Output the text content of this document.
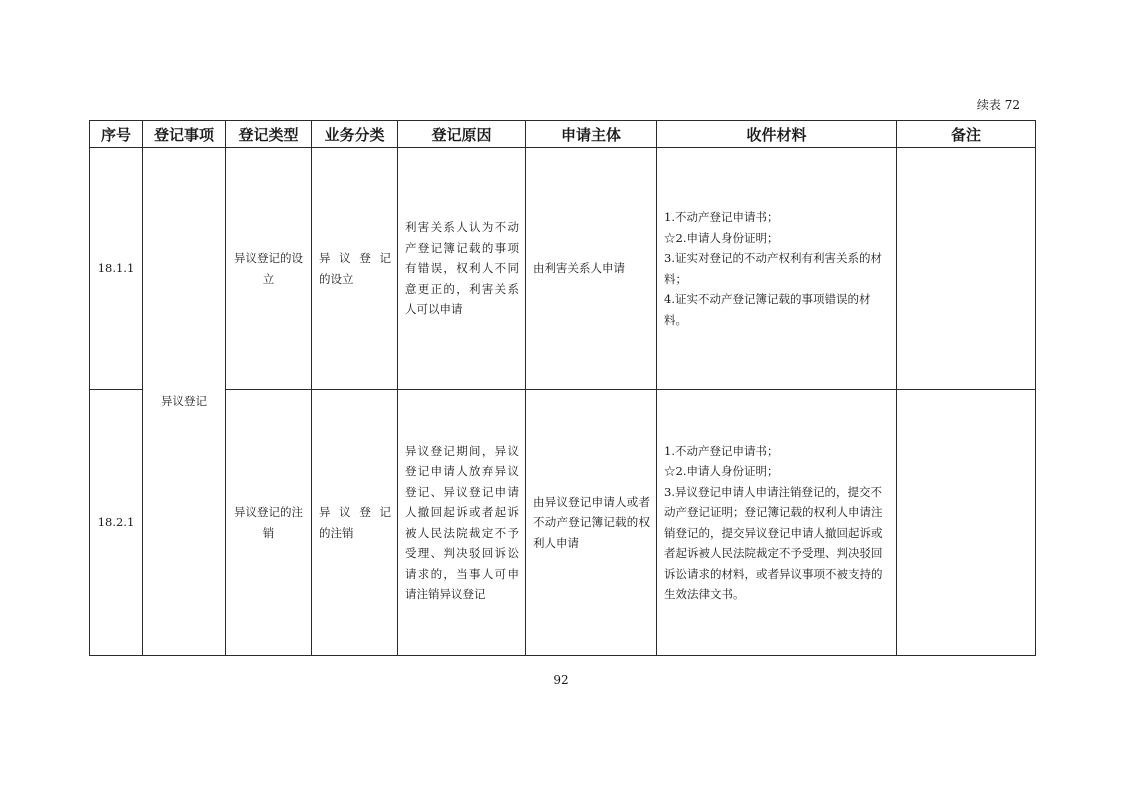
续表 72
序号	登记事项	登记类型	业务分类	登记原因	申请主体	收件材料	备注
18.1.1	异议登记	异议登记的设立	异 议 登 记 的设立	利害关系人认为不动产登记簿记载的事项有错误，权利人不同意更正的，利害关系人可以申请	由利害关系人申请	1.不动产登记申请书；
☆2.申请人身份证明；
3.证实对登记的不动产权利有利害关系的材料；
4.证实不动产登记簿记载的事项错误的材料。	

18.2.1		异议登记的注销	异 议 登 记 的注销	异议登记期间，异议登记申请人放弃异议登记、异议登记申请人撤回起诉或者起诉被人民法院裁定不予受理、判决驳回诉讼请求的，当事人可申请注销异议登记	由异议登记申请人或者不动产登记簿记载的权利人申请	1.不动产登记申请书；
☆2.申请人身份证明；
3.异议登记申请人申请注销登记的，提交不动产登记证明；登记簿记载的权利人申请注销登记的，提交异议登记申请人撤回起诉或者起诉被人民法院裁定不予受理、判决驳回诉讼请求的材料，或者异议事项不被支持的生效法律文书。	

92
